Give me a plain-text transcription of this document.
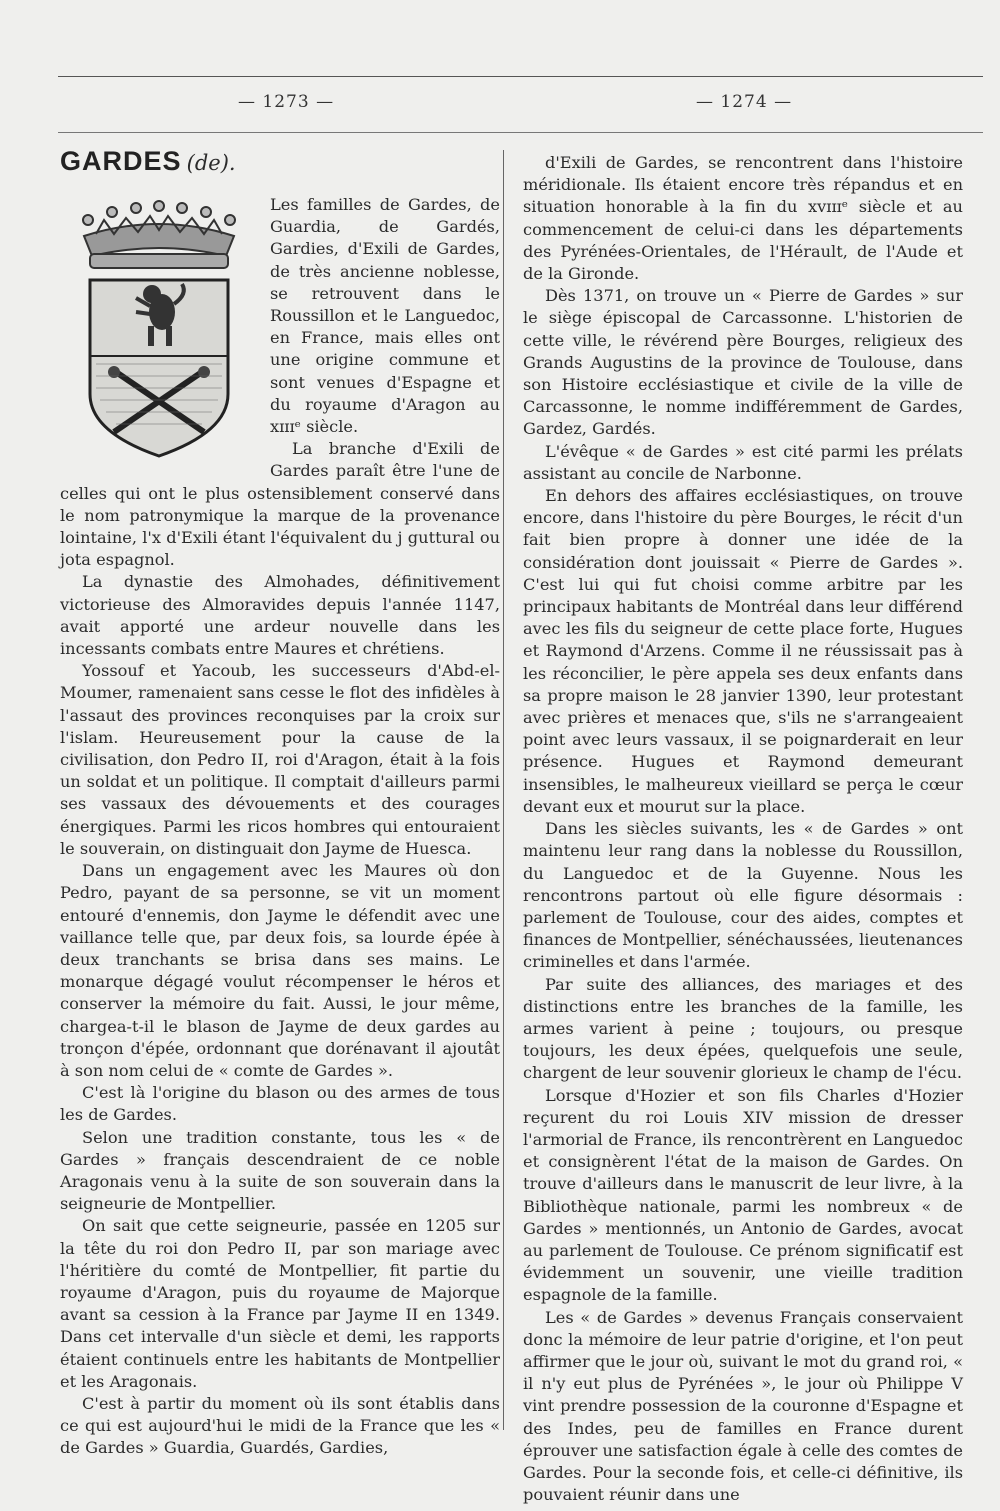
— 1273 —	— 1274 —
GARDES (de).

Les familles de Gardes, de Guardia, de Gardés, Gardies, d'Exili de Gardes, de très ancienne noblesse, se retrouvent dans le Roussillon et le Languedoc, en France, mais elles ont une origine commune et sont venues d'Espagne et du royaume d'Aragon au xɪɪɪᵉ siècle.

La branche d'Exili de Gardes paraît être l'une de celles qui ont le plus ostensiblement conservé dans le nom patronymique la marque de la provenance lointaine, l'x d'Exili étant l'équivalent du j guttural ou jota espagnol.

La dynastie des Almohades, définitivement victorieuse des Almoravides depuis l'année 1147, avait apporté une ardeur nouvelle dans les incessants combats entre Maures et chrétiens.

Yossouf et Yacoub, les successeurs d'Abd-el-Moumer, ramenaient sans cesse le flot des infidèles à l'assaut des provinces reconquises par la croix sur l'islam. Heureusement pour la cause de la civilisation, don Pedro II, roi d'Aragon, était à la fois un soldat et un politique. Il comptait d'ailleurs parmi ses vassaux des dévouements et des courages énergiques. Parmi les ricos hombres qui entouraient le souverain, on distinguait don Jayme de Huesca.

Dans un engagement avec les Maures où don Pedro, payant de sa personne, se vit un moment entouré d'ennemis, don Jayme le défendit avec une vaillance telle que, par deux fois, sa lourde épée à deux tranchants se brisa dans ses mains. Le monarque dégagé voulut récompenser le héros et conserver la mémoire du fait. Aussi, le jour même, chargea-t-il le blason de Jayme de deux gardes au tronçon d'épée, ordonnant que dorénavant il ajoutât à son nom celui de « comte de Gardes ».

C'est là l'origine du blason ou des armes de tous les de Gardes.

Selon une tradition constante, tous les « de Gardes » français descendraient de ce noble Aragonais venu à la suite de son souverain dans la seigneurie de Montpellier.

On sait que cette seigneurie, passée en 1205 sur la tête du roi don Pedro II, par son mariage avec l'héritière du comté de Montpellier, fit partie du royaume d'Aragon, puis du royaume de Majorque avant sa cession à la France par Jayme II en 1349. Dans cet intervalle d'un siècle et demi, les rapports étaient continuels entre les habitants de Montpellier et les Aragonais.

C'est à partir du moment où ils sont établis dans ce qui est aujourd'hui le midi de la France que les « de Gardes » Guardia, Guardés, Gardies,

d'Exili de Gardes, se rencontrent dans l'histoire méridionale. Ils étaient encore très répandus et en situation honorable à la fin du xᴠɪɪɪᵉ siècle et au commencement de celui-ci dans les départements des Pyrénées-Orientales, de l'Hérault, de l'Aude et de la Gironde.

Dès 1371, on trouve un « Pierre de Gardes » sur le siège épiscopal de Carcassonne. L'historien de cette ville, le révérend père Bourges, religieux des Grands Augustins de la province de Toulouse, dans son Histoire ecclésiastique et civile de la ville de Carcassonne, le nomme indifféremment de Gardes, Gardez, Gardés.

L'évêque « de Gardes » est cité parmi les prélats assistant au concile de Narbonne.

En dehors des affaires ecclésiastiques, on trouve encore, dans l'histoire du père Bourges, le récit d'un fait bien propre à donner une idée de la considération dont jouissait « Pierre de Gardes ». C'est lui qui fut choisi comme arbitre par les principaux habitants de Montréal dans leur différend avec les fils du seigneur de cette place forte, Hugues et Raymond d'Arzens. Comme il ne réussissait pas à les réconcilier, le père appela ses deux enfants dans sa propre maison le 28 janvier 1390, leur protestant avec prières et menaces que, s'ils ne s'arrangeaient point avec leurs vassaux, il se poignarderait en leur présence. Hugues et Raymond demeurant insensibles, le malheureux vieillard se perça le cœur devant eux et mourut sur la place.

Dans les siècles suivants, les « de Gardes » ont maintenu leur rang dans la noblesse du Roussillon, du Languedoc et de la Guyenne. Nous les rencontrons partout où elle figure désormais : parlement de Toulouse, cour des aides, comptes et finances de Montpellier, sénéchaussées, lieutenances criminelles et dans l'armée.

Par suite des alliances, des mariages et des distinctions entre les branches de la famille, les armes varient à peine ; toujours, ou presque toujours, les deux épées, quelquefois une seule, chargent de leur souvenir glorieux le champ de l'écu.

Lorsque d'Hozier et son fils Charles d'Hozier reçurent du roi Louis XIV mission de dresser l'armorial de France, ils rencontrèrent en Languedoc et consignèrent l'état de la maison de Gardes. On trouve d'ailleurs dans le manuscrit de leur livre, à la Bibliothèque nationale, parmi les nombreux « de Gardes » mentionnés, un Antonio de Gardes, avocat au parlement de Toulouse. Ce prénom significatif est évidemment un souvenir, une vieille tradition espagnole de la famille.

Les « de Gardes » devenus Français conservaient donc la mémoire de leur patrie d'origine, et l'on peut affirmer que le jour où, suivant le mot du grand roi, « il n'y eut plus de Pyrénées », le jour où Philippe V vint prendre possession de la couronne d'Espagne et des Indes, peu de familles en France durent éprouver une satisfaction égale à celle des comtes de Gardes. Pour la seconde fois, et celle-ci définitive, ils pouvaient réunir dans une
